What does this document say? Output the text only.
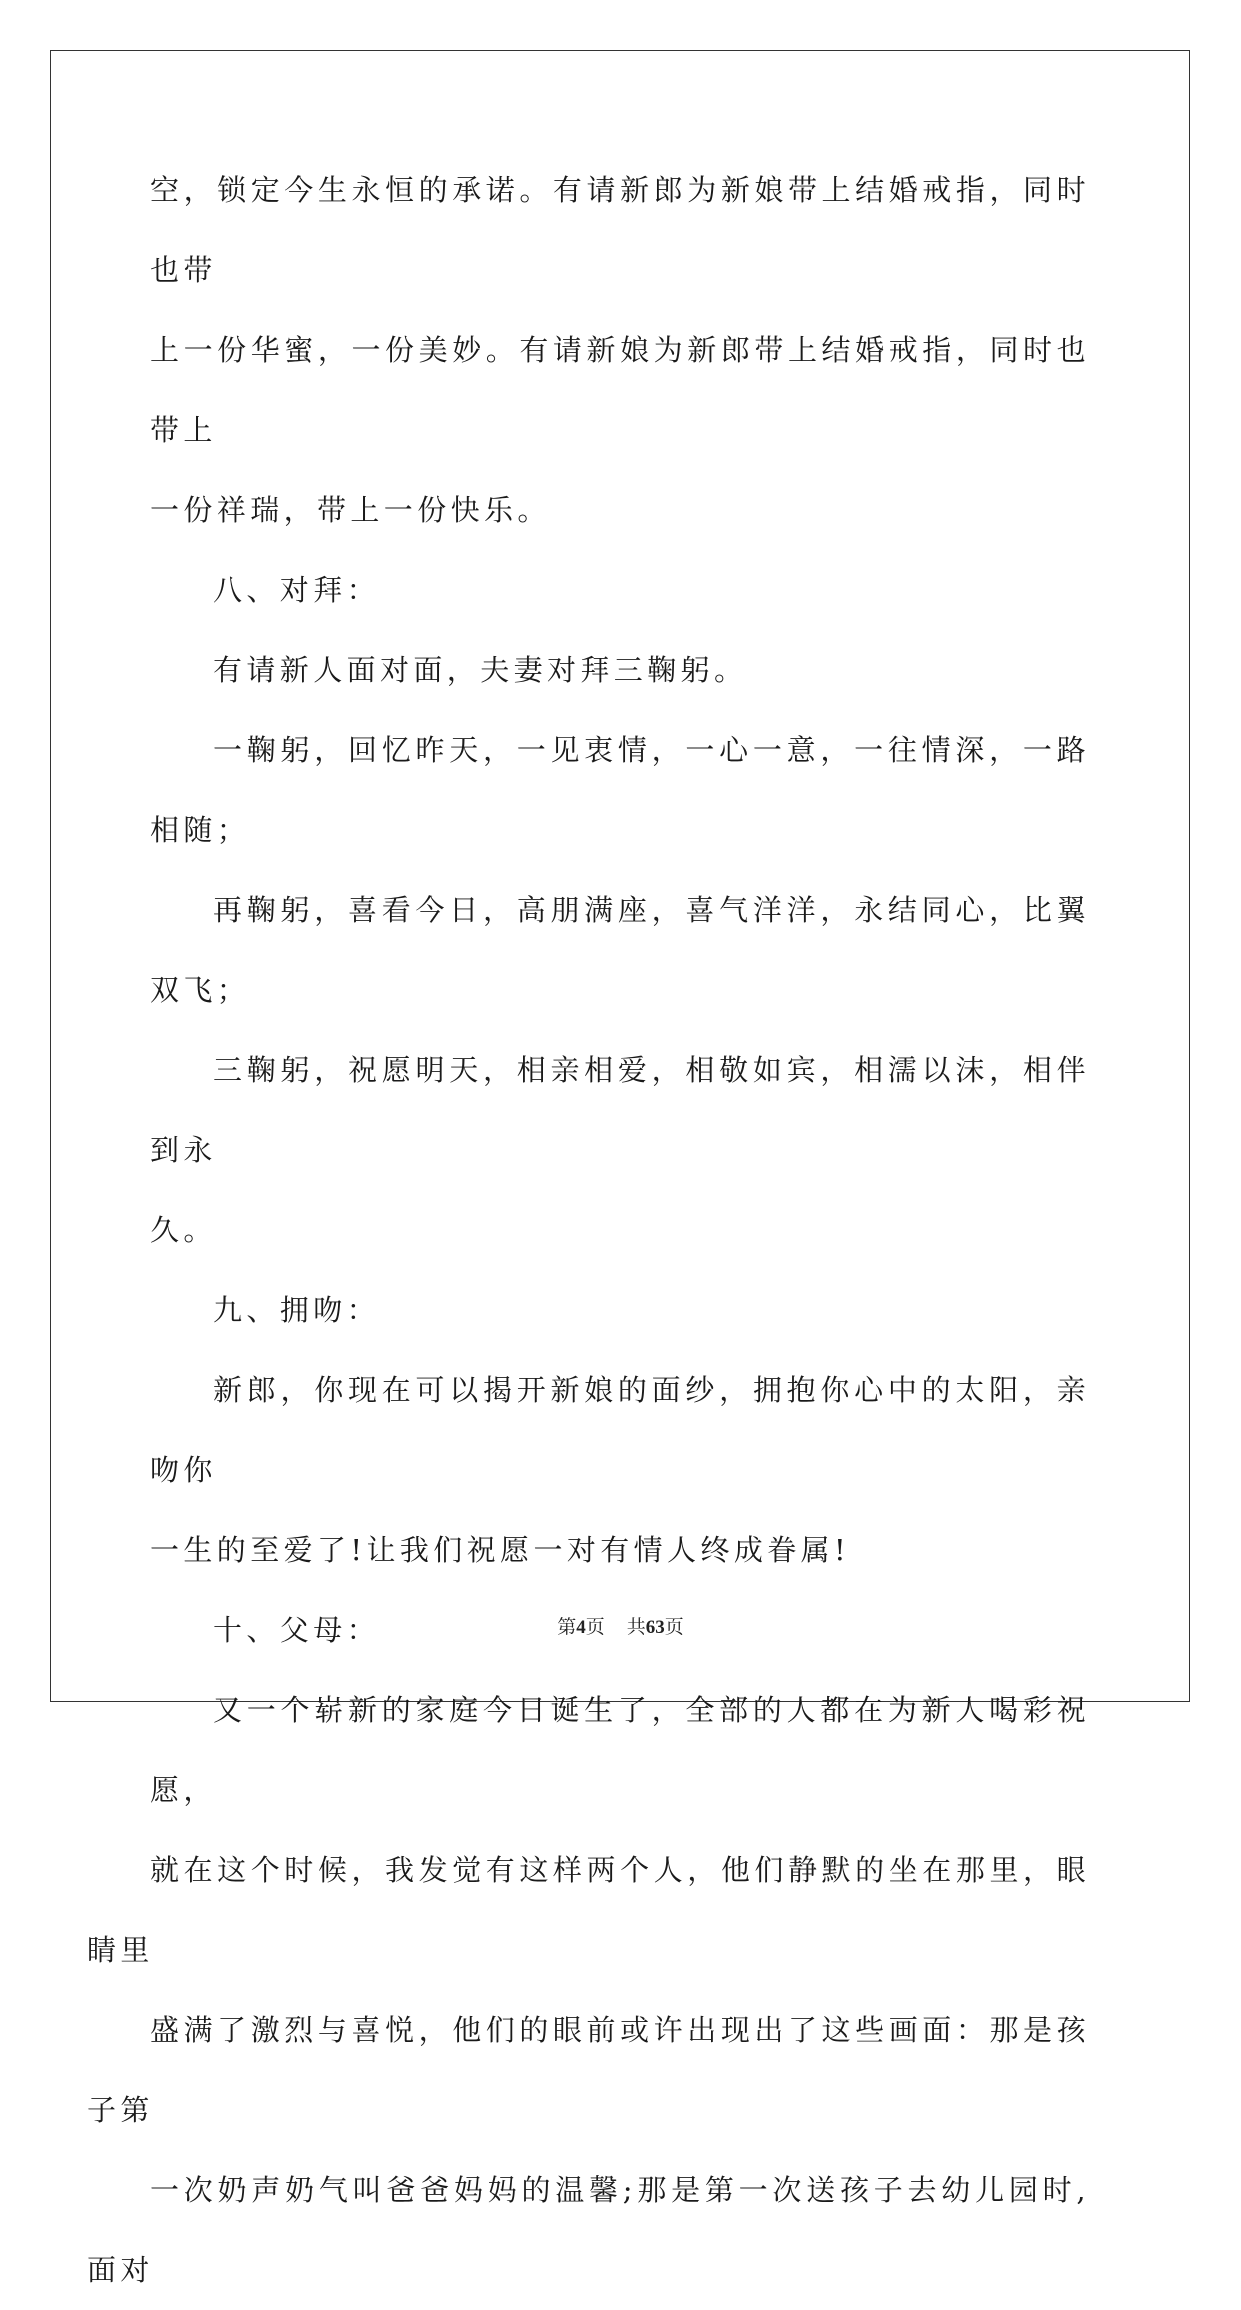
空，锁定今生永恒的承诺。有请新郎为新娘带上结婚戒指，同时也带
上一份华蜜，一份美妙。有请新娘为新郎带上结婚戒指，同时也带上
一份祥瑞，带上一份快乐。

八、对拜：

有请新人面对面，夫妻对拜三鞠躬。

一鞠躬，回忆昨天，一见衷情，一心一意，一往情深，一路相随；

再鞠躬，喜看今日，高朋满座，喜气洋洋，永结同心，比翼双飞；

三鞠躬，祝愿明天，相亲相爱，相敬如宾，相濡以沫，相伴到永
久。

九、拥吻：

新郎，你现在可以揭开新娘的面纱，拥抱你心中的太阳，亲吻你
一生的至爱了!让我们祝愿一对有情人终成眷属!

十、父母：

又一个崭新的家庭今日诞生了，全部的人都在为新人喝彩祝愿，
就在这个时候，我发觉有这样两个人，他们静默的坐在那里，眼睛里
盛满了激烈与喜悦，他们的眼前或许出现出了这些画面：那是孩子第
一次奶声奶气叫爸爸妈妈的温馨;那是第一次送孩子去幼儿园时,面对

第4页 共63页
